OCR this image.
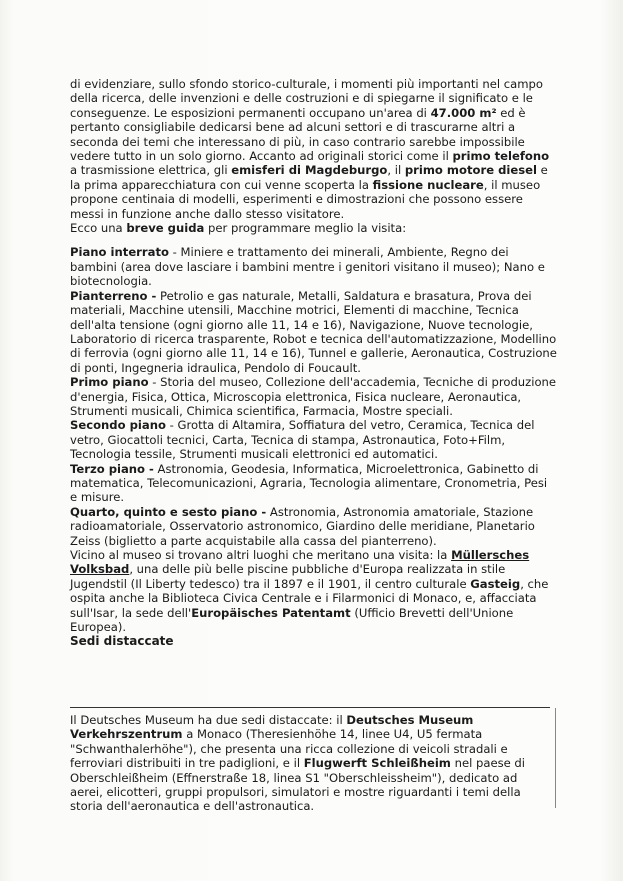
di evidenziare, sullo sfondo storico-culturale, i momenti più importanti nel campo della ricerca, delle invenzioni e delle costruzioni e di spiegarne il significato e le conseguenze. Le esposizioni permanenti occupano un'area di 47.000 m² ed è pertanto consigliabile dedicarsi bene ad alcuni settori e di trascurarne altri a seconda dei temi che interessano di più, in caso contrario sarebbe impossibile vedere tutto in un solo giorno. Accanto ad originali storici come il primo telefono a trasmissione elettrica, gli emisferi di Magdeburgo, il primo motore diesel e la prima apparecchiatura con cui venne scoperta la fissione nucleare, il museo propone centinaia di modelli, esperimenti e dimostrazioni che possono essere messi in funzione anche dallo stesso visitatore.

Ecco una breve guida per programmare meglio la visita:

Piano interrato - Miniere e trattamento dei minerali, Ambiente, Regno dei bambini (area dove lasciare i bambini mentre i genitori visitano il museo); Nano e biotecnologia.

Pianterreno - Petrolio e gas naturale, Metalli, Saldatura e brasatura, Prova dei materiali, Macchine utensili, Macchine motrici, Elementi di macchine, Tecnica dell'alta tensione (ogni giorno alle 11, 14 e 16), Navigazione, Nuove tecnologie, Laboratorio di ricerca trasparente, Robot e tecnica dell'automatizzazione, Modellino di ferrovia (ogni giorno alle 11, 14 e 16), Tunnel e gallerie, Aeronautica, Costruzione di ponti, Ingegneria idraulica, Pendolo di Foucault.

Primo piano - Storia del museo, Collezione dell'accademia, Tecniche di produzione d'energia, Fisica, Ottica, Microscopia elettronica, Fisica nucleare, Aeronautica, Strumenti musicali, Chimica scientifica, Farmacia, Mostre speciali.

Secondo piano - Grotta di Altamira, Soffiatura del vetro, Ceramica, Tecnica del vetro, Giocattoli tecnici, Carta, Tecnica di stampa, Astronautica, Foto+Film, Tecnologia tessile, Strumenti musicali elettronici ed automatici.

Terzo piano - Astronomia, Geodesia, Informatica, Microelettronica, Gabinetto di matematica, Telecomunicazioni, Agraria, Tecnologia alimentare, Cronometria, Pesi e misure.

Quarto, quinto e sesto piano - Astronomia, Astronomia amatoriale, Stazione radioamatoriale, Osservatorio astronomico, Giardino delle meridiane, Planetario Zeiss (biglietto a parte acquistabile alla cassa del pianterreno).

Vicino al museo si trovano altri luoghi che meritano una visita: la Müllersches Volksbad, una delle più belle piscine pubbliche d'Europa realizzata in stile Jugendstil (Il Liberty tedesco) tra il 1897 e il 1901, il centro culturale Gasteig, che ospita anche la Biblioteca Civica Centrale e i Filarmonici di Monaco, e, affacciata sull'Isar, la sede dell'Europäisches Patentamt (Ufficio Brevetti dell'Unione Europea).

Sedi distaccate

Il Deutsches Museum ha due sedi distaccate: il Deutsches Museum Verkehrszentrum a Monaco (Theresienhöhe 14, linee U4, U5 fermata "Schwanthalerhöhe"), che presenta una ricca collezione di veicoli stradali e ferroviari distribuiti in tre padiglioni, e il Flugwerft Schleißheim nel paese di Oberschleißheim (Effnerstraße 18, linea S1 "Oberschleissheim"), dedicato ad aerei, elicotteri, gruppi propulsori, simulatori e mostre riguardanti i temi della storia dell'aeronautica e dell'astronautica.
